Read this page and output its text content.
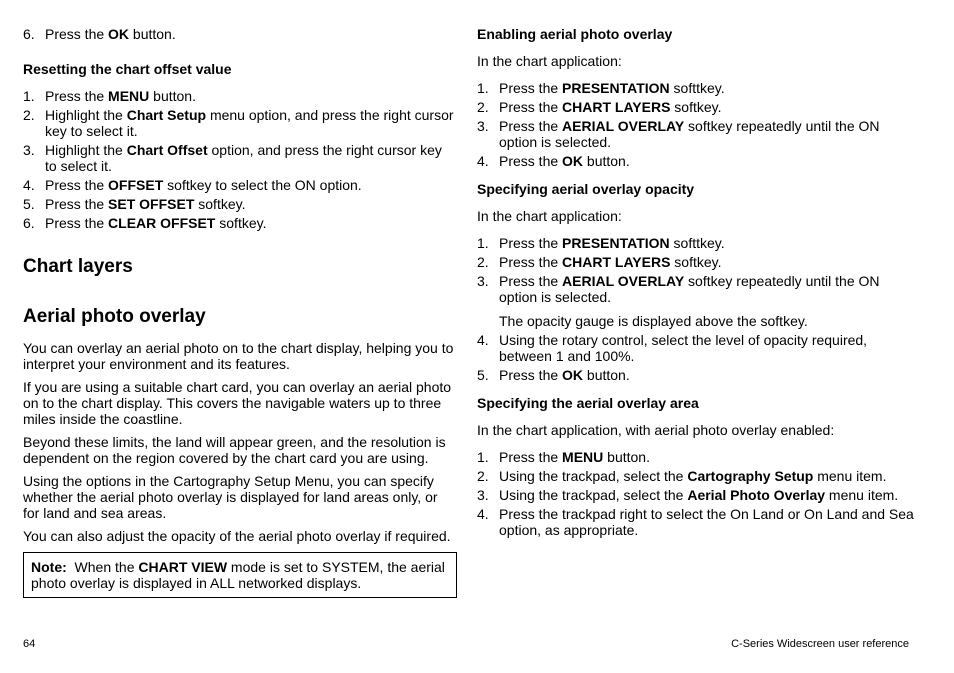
6. Press the OK button.
Resetting the chart offset value
1. Press the MENU button.
2. Highlight the Chart Setup menu option, and press the right cursor key to select it.
3. Highlight the Chart Offset option, and press the right cursor key to select it.
4. Press the OFFSET softkey to select the ON option.
5. Press the SET OFFSET softkey.
6. Press the CLEAR OFFSET softkey.
Chart layers
Aerial photo overlay

You can overlay an aerial photo on to the chart display, helping you to interpret your environment and its features.

If you are using a suitable chart card, you can overlay an aerial photo on to the chart display. This covers the navigable waters up to three miles inside the coastline.

Beyond these limits, the land will appear green, and the resolution is dependent on the region covered by the chart card you are using.

Using the options in the Cartography Setup Menu, you can specify whether the aerial photo overlay is displayed for land areas only, or for land and sea areas.

You can also adjust the opacity of the aerial photo overlay if required.

Note:  When the CHART VIEW mode is set to SYSTEM, the aerial photo overlay is displayed in ALL networked displays.
Enabling aerial photo overlay

In the chart application:

1. Press the PRESENTATION softtkey.
2. Press the CHART LAYERS softkey.
3. Press the AERIAL OVERLAY softkey repeatedly until the ON option is selected.
4. Press the OK button.
Specifying aerial overlay opacity

In the chart application:

1. Press the PRESENTATION softtkey.
2. Press the CHART LAYERS softkey.
3. Press the AERIAL OVERLAY softkey repeatedly until the ON option is selected.

The opacity gauge is displayed above the softkey.

4. Using the rotary control, select the level of opacity required, between 1 and 100%.
5. Press the OK button.
Specifying the aerial overlay area

In the chart application, with aerial photo overlay enabled:

1. Press the MENU button.
2. Using the trackpad, select the Cartography Setup menu item.
3. Using the trackpad, select the Aerial Photo Overlay menu item.
4. Press the trackpad right to select the On Land or On Land and Sea option, as appropriate.
64	C-Series Widescreen user reference
